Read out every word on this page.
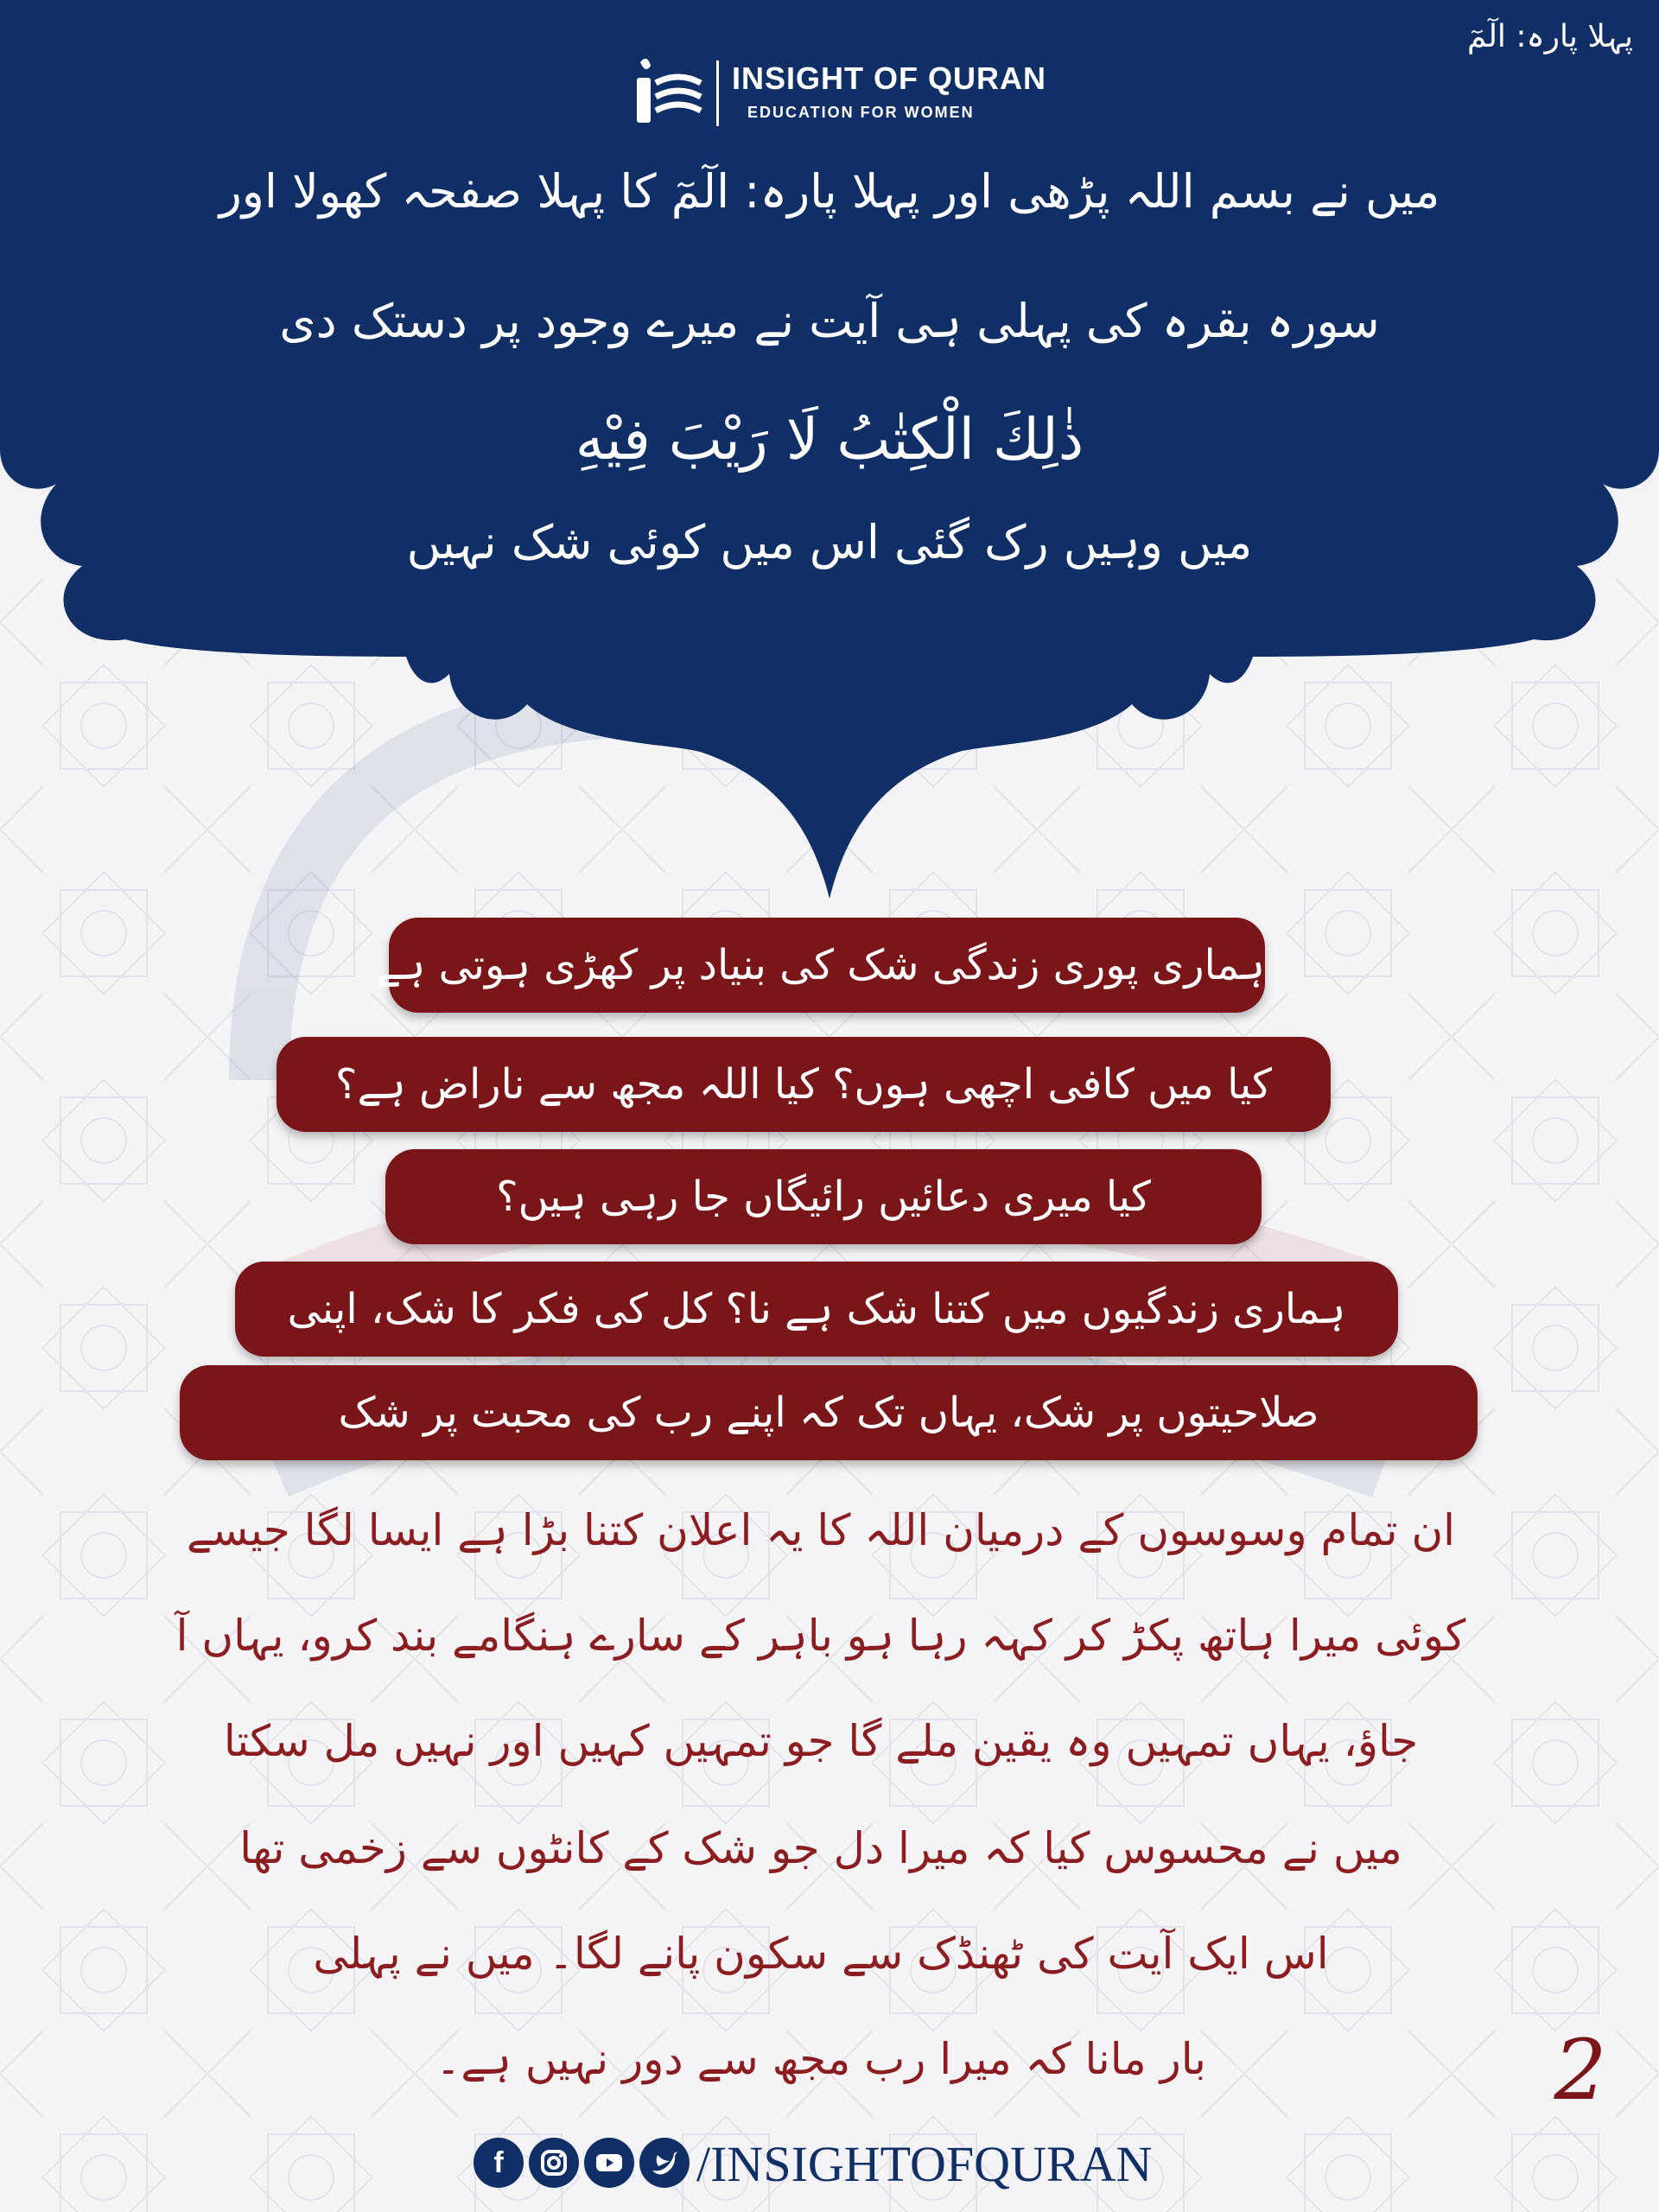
پہلا پارہ: الٓمٓ
INSIGHT OF QURAN
EDUCATION FOR WOMEN
میں نے بسم اللہ پڑھی اور پہلا پارہ: الٓمٓ کا پہلا صفحہ کھولا اور
سورہ بقرہ کی پہلی ہی آیت نے میرے وجود پر دستک دی
ذٰلِكَ الْكِتٰبُ لَا رَيْبَ فِيْهِ
میں وہیں رک گئی اس میں کوئی شک نہیں
ہماری پوری زندگی شک کی بنیاد پر کھڑی ہوتی ہے
کیا میں کافی اچھی ہوں؟ کیا اللہ مجھ سے ناراض ہے؟
کیا میری دعائیں رائیگاں جا رہی ہیں؟
ہماری زندگیوں میں کتنا شک ہے نا؟ کل کی فکر کا شک، اپنی
صلاحیتوں پر شک، یہاں تک کہ اپنے رب کی محبت پر شک
ان تمام وسوسوں کے درمیان اللہ کا یہ اعلان کتنا بڑا ہے ایسا لگا جیسے
کوئی میرا ہاتھ پکڑ کر کہہ رہا ہو باہر کے سارے ہنگامے بند کرو، یہاں آ
جاؤ، یہاں تمہیں وہ یقین ملے گا جو تمہیں کہیں اور نہیں مل سکتا
میں نے محسوس کیا کہ میرا دل جو شک کے کانٹوں سے زخمی تھا
اس ایک آیت کی ٹھنڈک سے سکون پانے لگا۔ میں نے پہلی
بار مانا کہ میرا رب مجھ سے دور نہیں ہے۔	2
f	/INSIGHTOFQURAN
